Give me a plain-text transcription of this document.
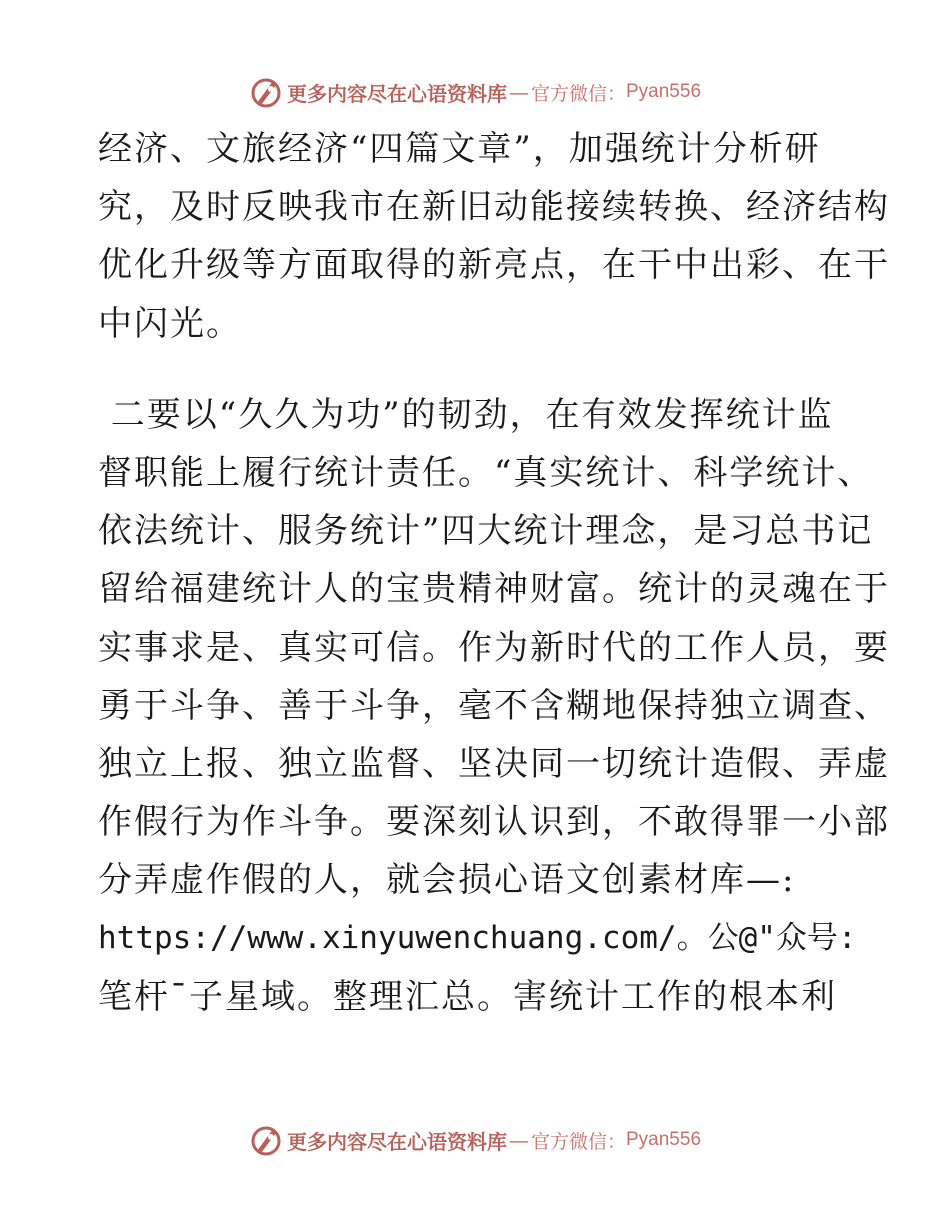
更多内容尽在心语资料库 — 官方微信： Pyan556
经济、文旅经济“四篇文章”，加强统计分析研
究，及时反映我市在新旧动能接续转换、经济结构
优化升级等方面取得的新亮点，在干中出彩、在干
中闪光。
二要以“久久为功”的韧劲，在有效发挥统计监
督职能上履行统计责任。“真实统计、科学统计、
依法统计、服务统计”四大统计理念，是习总书记
留给福建统计人的宝贵精神财富。统计的灵魂在于
实事求是、真实可信。作为新时代的工作人员，要
勇于斗争、善于斗争，毫不含糊地保持独立调查、
独立上报、独立监督、坚决同一切统计造假、弄虚
作假行为作斗争。要深刻认识到，不敢得罪一小部
分弄虚作假的人，就会损心语文创素材库—:
https://www.xinyuwenchuang.com/。公@"众号:
笔杆¯子星域。整理汇总。害统计工作的根本利
更多内容尽在心语资料库 — 官方微信： Pyan556
